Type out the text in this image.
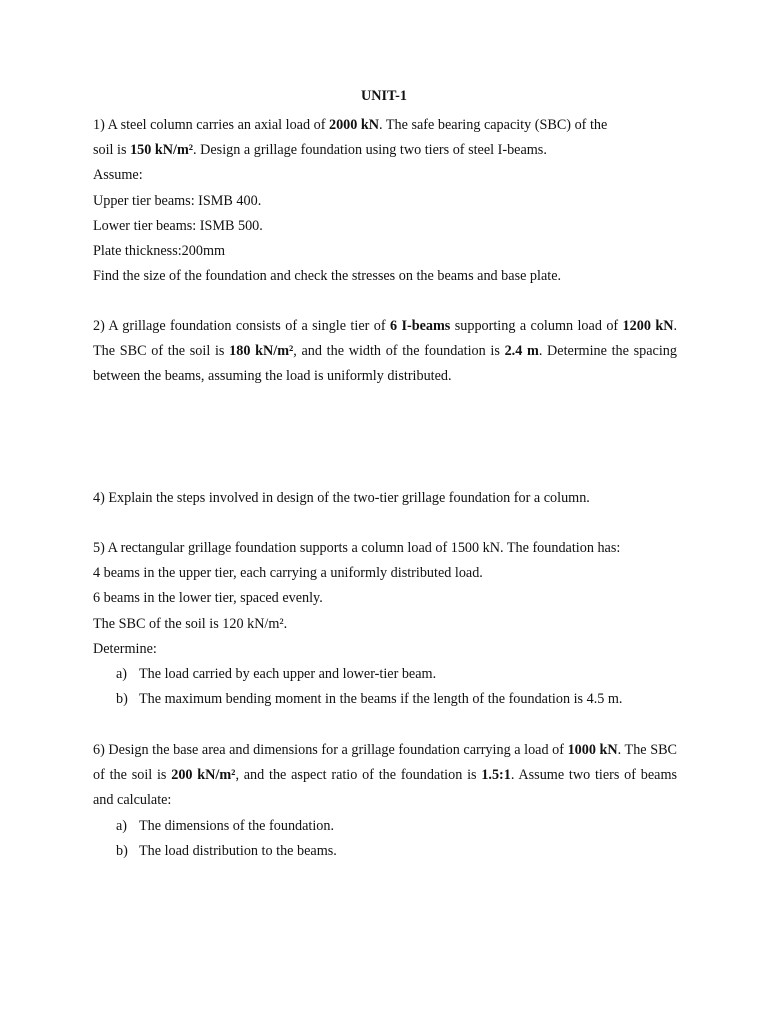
UNIT-1
1) A steel column carries an axial load of 2000 kN. The safe bearing capacity (SBC) of the
soil is 150 kN/m². Design a grillage foundation using two tiers of steel I-beams.
Assume:
Upper tier beams: ISMB 400.
Lower tier beams: ISMB 500.
Plate thickness:200mm
Find the size of the foundation and check the stresses on the beams and base plate.
2) A grillage foundation consists of a single tier of 6 I-beams supporting a column load of 1200 kN. The SBC of the soil is 180 kN/m², and the width of the foundation is 2.4 m. Determine the spacing between the beams, assuming the load is uniformly distributed.
4) Explain the steps involved in design of the two-tier grillage foundation for a column.
5) A rectangular grillage foundation supports a column load of 1500 kN. The foundation has:
4 beams in the upper tier, each carrying a uniformly distributed load.
6 beams in the lower tier, spaced evenly.
The SBC of the soil is 120 kN/m².
Determine:
a) The load carried by each upper and lower-tier beam.
b) The maximum bending moment in the beams if the length of the foundation is 4.5 m.
6) Design the base area and dimensions for a grillage foundation carrying a load of 1000 kN. The SBC of the soil is 200 kN/m², and the aspect ratio of the foundation is 1.5:1. Assume two tiers of beams and calculate:
a) The dimensions of the foundation.
b) The load distribution to the beams.
